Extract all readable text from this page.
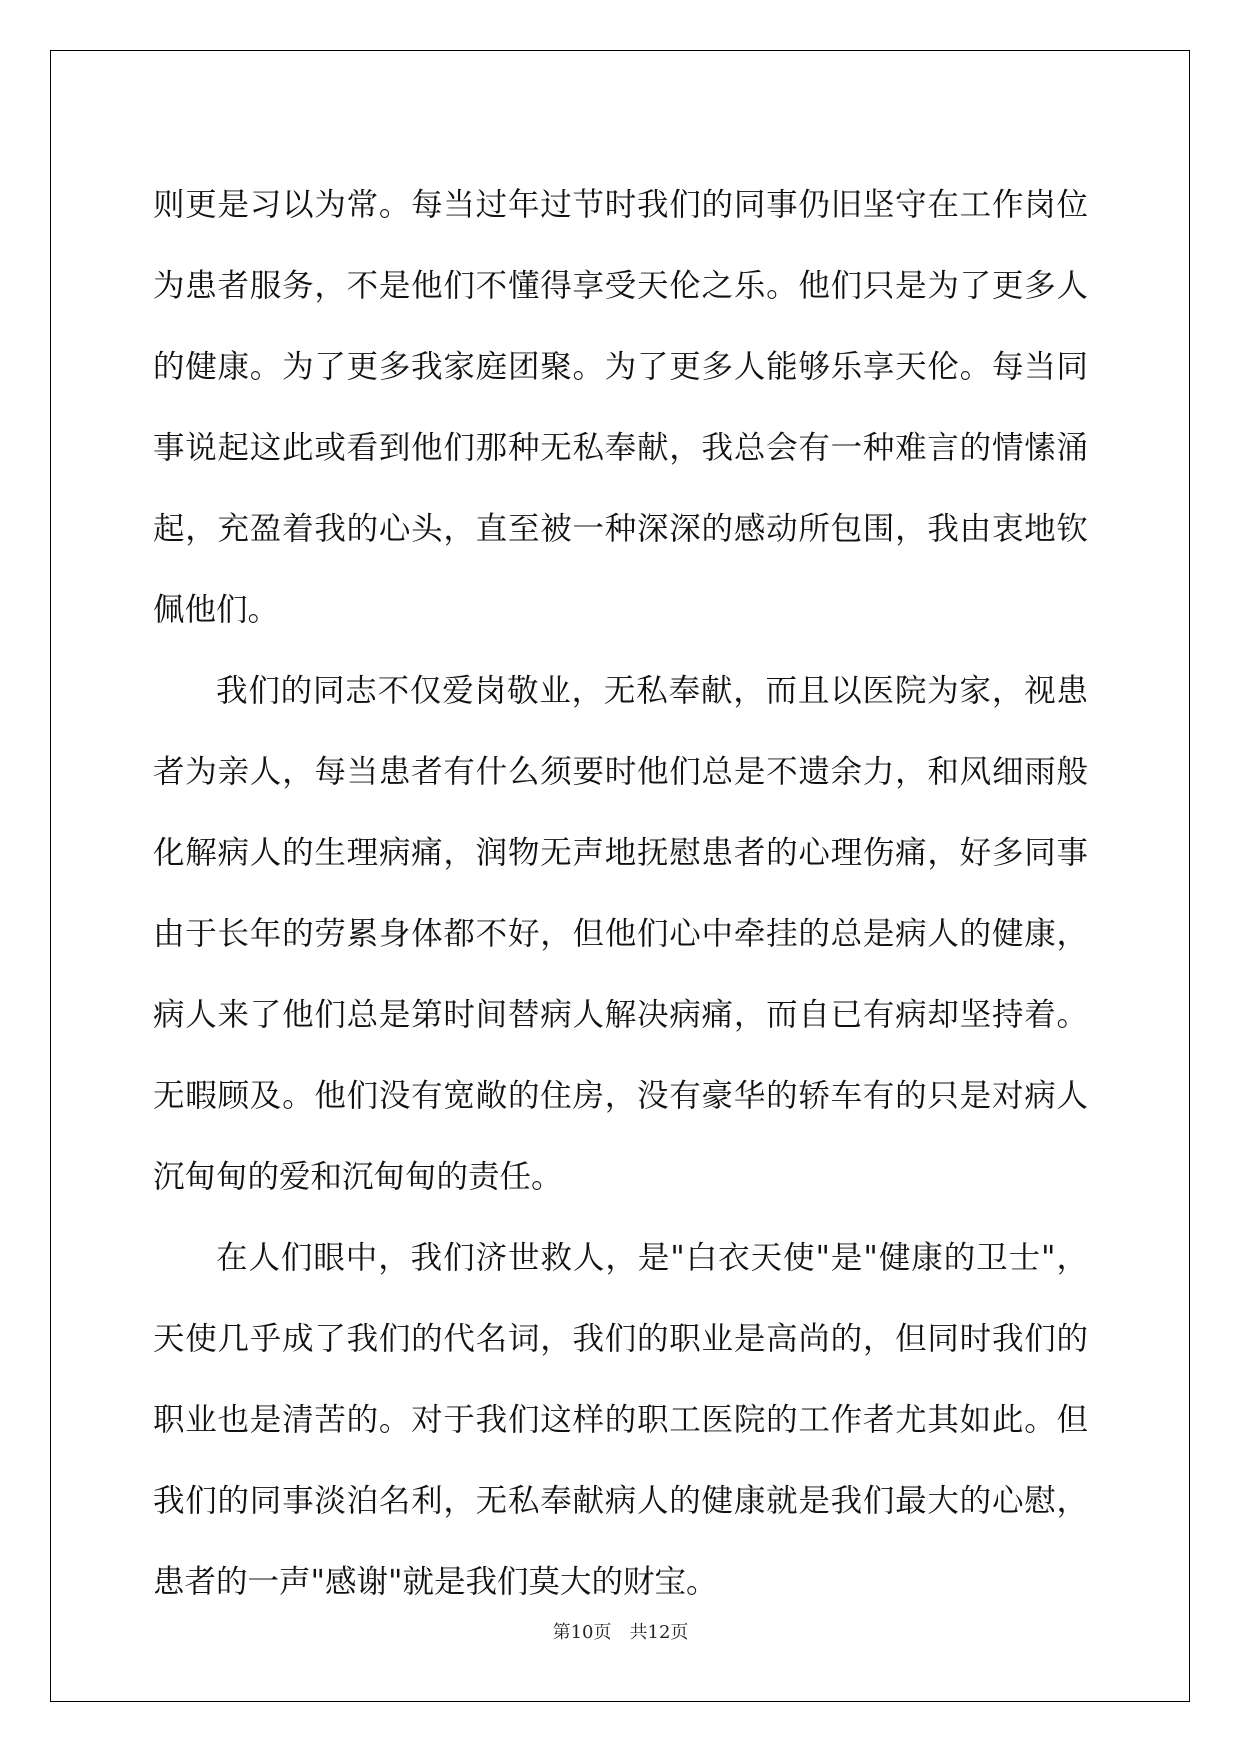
则更是习以为常。每当过年过节时我们的同事仍旧坚守在工作岗位为患者服务，不是他们不懂得享受天伦之乐。他们只是为了更多人的健康。为了更多我家庭团聚。为了更多人能够乐享天伦。每当同事说起这此或看到他们那种无私奉献，我总会有一种难言的情愫涌起，充盈着我的心头，直至被一种深深的感动所包围，我由衷地钦佩他们。

我们的同志不仅爱岗敬业，无私奉献，而且以医院为家，视患者为亲人，每当患者有什么须要时他们总是不遗余力，和风细雨般化解病人的生理病痛，润物无声地抚慰患者的心理伤痛，好多同事由于长年的劳累身体都不好，但他们心中牵挂的总是病人的健康，病人来了他们总是第时间替病人解决病痛，而自已有病却坚持着。无暇顾及。他们没有宽敞的住房，没有豪华的轿车有的只是对病人沉甸甸的爱和沉甸甸的责任。

在人们眼中，我们济世救人，是"白衣天使"是"健康的卫士"，天使几乎成了我们的代名词，我们的职业是高尚的，但同时我们的职业也是清苦的。对于我们这样的职工医院的工作者尤其如此。但我们的同事淡泊名利，无私奉献病人的健康就是我们最大的心慰，患者的一声"感谢"就是我们莫大的财宝。

第10页 共12页
